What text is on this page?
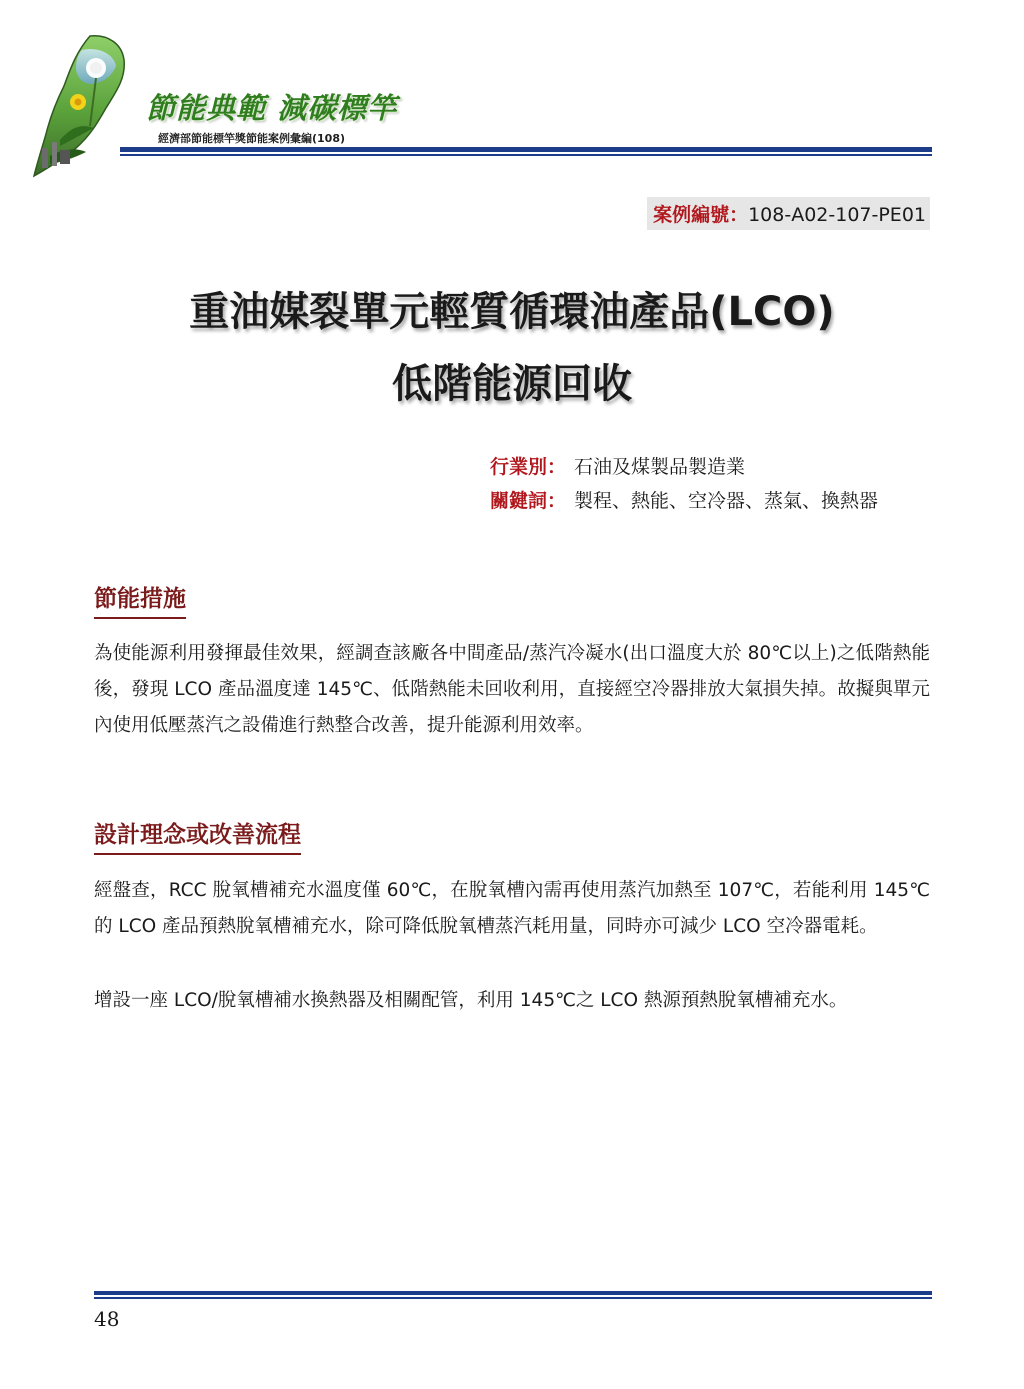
節能典範 減碳標竿
經濟部節能標竿獎節能案例彙編(108)
案例編號：108-A02-107-PE01
重油媒裂單元輕質循環油產品(LCO)
低階能源回收
行業別： 石油及煤製品製造業
關鍵詞： 製程、熱能、空冷器、蒸氣、換熱器
節能措施
為使能源利用發揮最佳效果，經調查該廠各中間產品/蒸汽冷凝水(出口溫度大於 80℃以上)之低階熱能後，發現 LCO 產品溫度達 145℃、低階熱能未回收利用，直接經空冷器排放大氣損失掉。故擬與單元內使用低壓蒸汽之設備進行熱整合改善，提升能源利用效率。
設計理念或改善流程
經盤查，RCC 脫氧槽補充水溫度僅 60℃，在脫氧槽內需再使用蒸汽加熱至 107℃，若能利用 145℃的 LCO 產品預熱脫氧槽補充水，除可降低脫氧槽蒸汽耗用量，同時亦可減少 LCO 空冷器電耗。
增設一座 LCO/脫氧槽補水換熱器及相關配管，利用 145℃之 LCO 熱源預熱脫氧槽補充水。
48
